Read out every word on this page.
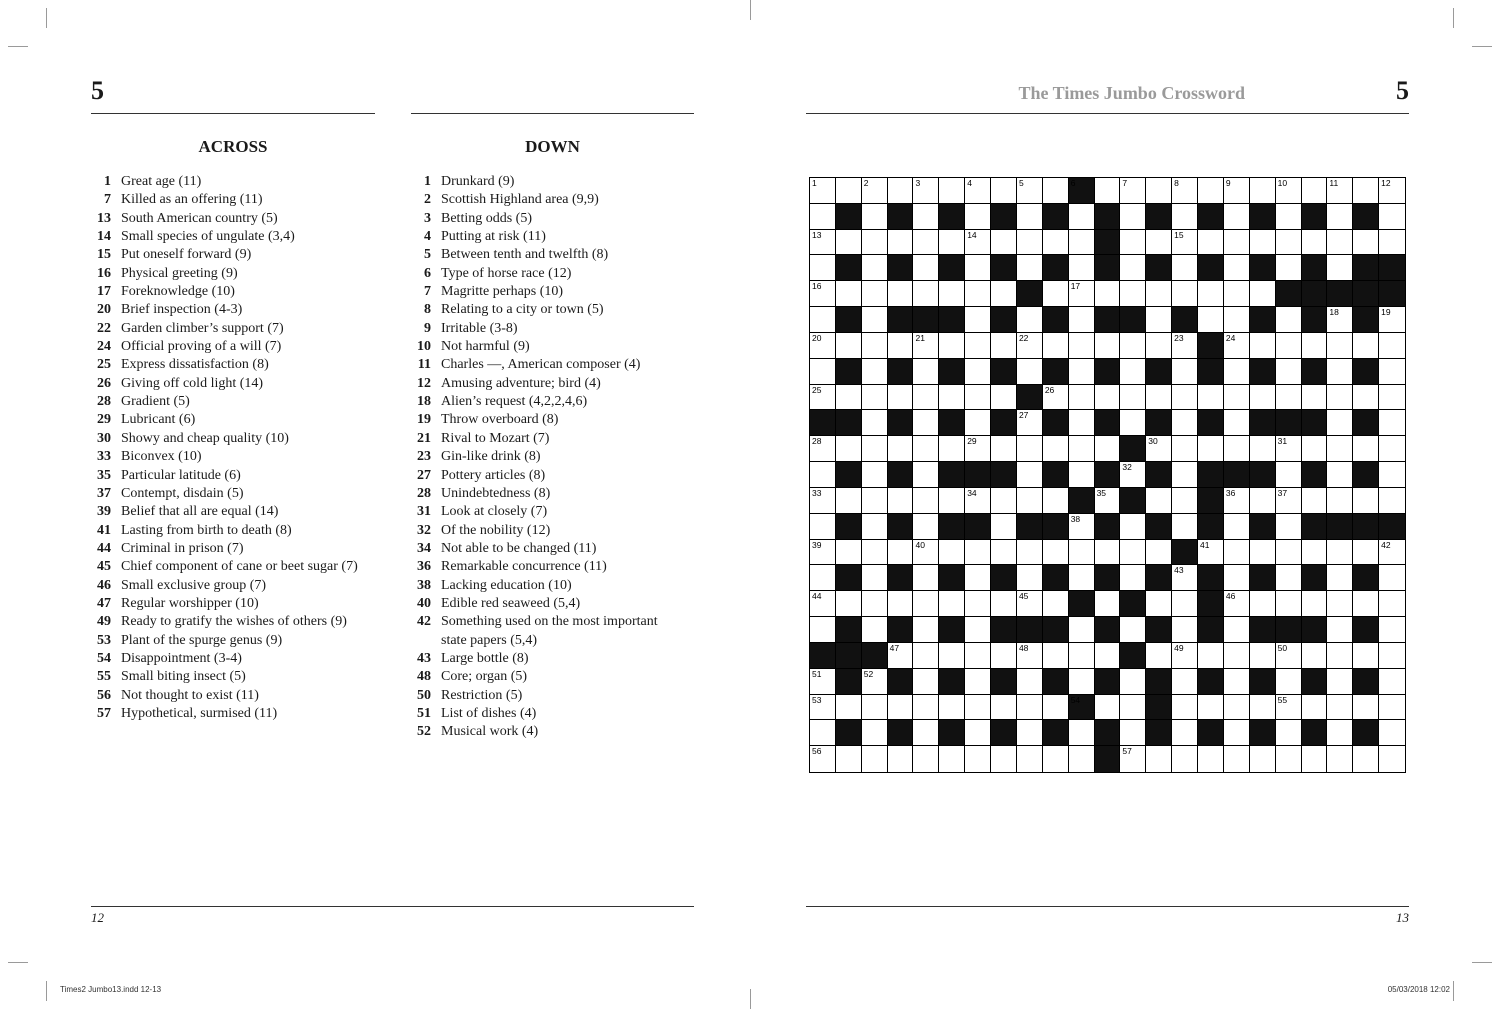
5	The Times Jumbo Crossword	5
ACROSS	DOWN
1 Great age (11)
7 Killed as an offering (11)
13 South American country (5)
14 Small species of ungulate (3,4)
15 Put oneself forward (9)
16 Physical greeting (9)
17 Foreknowledge (10)
20 Brief inspection (4-3)
22 Garden climber’s support (7)
24 Official proving of a will (7)
25 Express dissatisfaction (8)
26 Giving off cold light (14)
28 Gradient (5)
29 Lubricant (6)
30 Showy and cheap quality (10)
33 Biconvex (10)
35 Particular latitude (6)
37 Contempt, disdain (5)
39 Belief that all are equal (14)
41 Lasting from birth to death (8)
44 Criminal in prison (7)
45 Chief component of cane or beet sugar (7)
46 Small exclusive group (7)
47 Regular worshipper (10)
49 Ready to gratify the wishes of others (9)
53 Plant of the spurge genus (9)
54 Disappointment (3-4)
55 Small biting insect (5)
56 Not thought to exist (11)
57 Hypothetical, surmised (11)
1 Drunkard (9)
2 Scottish Highland area (9,9)
3 Betting odds (5)
4 Putting at risk (11)
5 Between tenth and twelfth (8)
6 Type of horse race (12)
7 Magritte perhaps (10)
8 Relating to a city or town (5)
9 Irritable (3-8)
10 Not harmful (9)
11 Charles —, American composer (4)
12 Amusing adventure; bird (4)
18 Alien’s request (4,2,2,4,6)
19 Throw overboard (8)
21 Rival to Mozart (7)
23 Gin-like drink (8)
27 Pottery articles (8)
28 Unindebtedness (8)
31 Look at closely (7)
32 Of the nobility (12)
34 Not able to be changed (11)
36 Remarkable concurrence (11)
38 Lacking education (10)
40 Edible red seaweed (5,4)
42 Something used on the most important state papers (5,4)
43 Large bottle (8)
48 Core; organ (5)
50 Restriction (5)
51 List of dishes (4)
52 Musical work (4)
1	2	3	4	5	6	7	8	9	10	11	12
13	14	15
16	17
18	19
20	21	22	23	24
25	26
27
28	29	30	31
32
33	34	35	36	37
38
39	40	41	42
43
44	45	46
47	48	49	50
51	52
53	54	55
56	57
12	13
Times2 Jumbo13.indd 12-13	05/03/2018 12:02
